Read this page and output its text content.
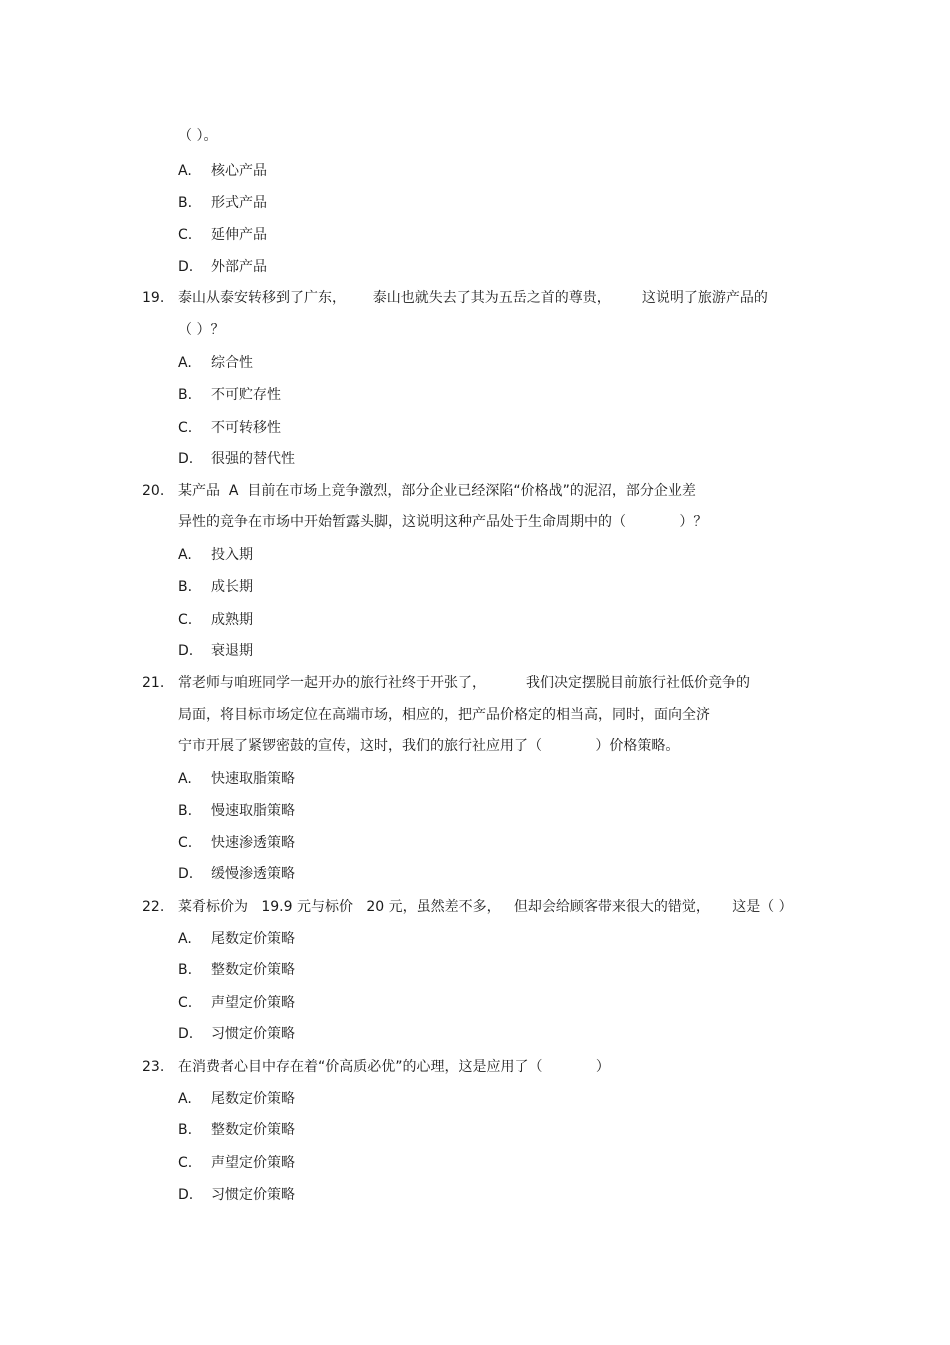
（ ）。
A. 核心产品
B. 形式产品
C. 延伸产品
D. 外部产品
19. 泰山从泰安转移到了广东，      泰山也就失去了其为五岳之首的尊贵，       这说明了旅游产品的
（ ）？
A. 综合性
B. 不可贮存性
C. 不可转移性
D. 很强的替代性
20. 某产品  A  目前在市场上竞争激烈，部分企业已经深陷“价格战”的泥沼，部分企业差
异性的竞争在市场中开始暂露头脚，这说明这种产品处于生命周期中的（            ）？
A. 投入期
B. 成长期
C. 成熟期
D. 衰退期
21. 常老师与咱班同学一起开办的旅行社终于开张了，         我们决定摆脱目前旅行社低价竞争的
局面，将目标市场定位在高端市场，相应的，把产品价格定的相当高，同时，面向全济
宁市开展了紧锣密鼓的宣传，这时，我们的旅行社应用了（            ）价格策略。
A. 快速取脂策略
B. 慢速取脂策略
C. 快速渗透策略
D. 缓慢渗透策略
22. 菜肴标价为   19.9 元与标价   20 元，虽然差不多，   但却会给顾客带来很大的错觉，     这是（ ）
A. 尾数定价策略
B. 整数定价策略
C. 声望定价策略
D. 习惯定价策略
23. 在消费者心目中存在着“价高质必优”的心理，这是应用了（            ）
A. 尾数定价策略
B. 整数定价策略
C. 声望定价策略
D. 习惯定价策略
